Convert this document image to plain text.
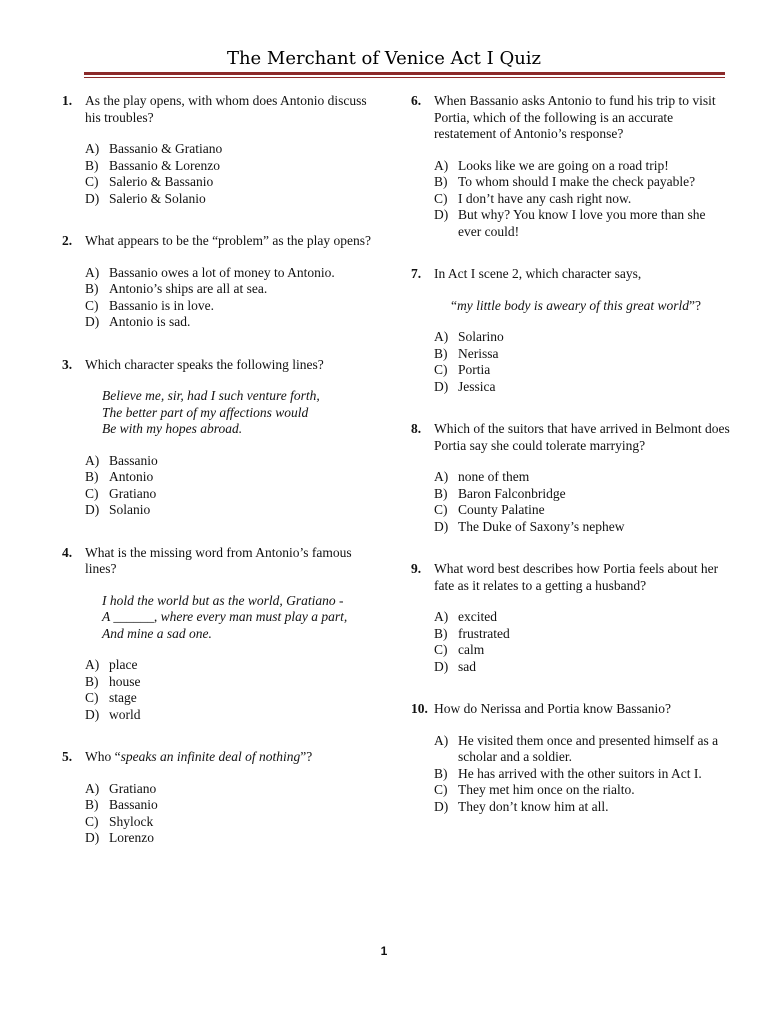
The Merchant of Venice Act I Quiz
1. As the play opens, with whom does Antonio discuss his troubles?
A) Bassanio & Gratiano
B) Bassanio & Lorenzo
C) Salerio & Bassanio
D) Salerio & Solanio
2. What appears to be the “problem” as the play opens?
A) Bassanio owes a lot of money to Antonio.
B) Antonio’s ships are all at sea.
C) Bassanio is in love.
D) Antonio is sad.
3. Which character speaks the following lines?
Believe me, sir, had I such venture forth,
The better part of my affections would
Be with my hopes abroad.
A) Bassanio
B) Antonio
C) Gratiano
D) Solanio
4. What is the missing word from Antonio’s famous lines?
I hold the world but as the world, Gratiano -
A ______, where every man must play a part,
And mine a sad one.
A) place
B) house
C) stage
D) world
5. Who “speaks an infinite deal of nothing”?
A) Gratiano
B) Bassanio
C) Shylock
D) Lorenzo
6. When Bassanio asks Antonio to fund his trip to visit Portia, which of the following is an accurate restatement of Antonio’s response?
A) Looks like we are going on a road trip!
B) To whom should I make the check payable?
C) I don’t have any cash right now.
D) But why? You know I love you more than she ever could!
7. In Act I scene 2, which character says,
“my little body is aweary of this great world”?
A) Solarino
B) Nerissa
C) Portia
D) Jessica
8. Which of the suitors that have arrived in Belmont does Portia say she could tolerate marrying?
A) none of them
B) Baron Falconbridge
C) County Palatine
D) The Duke of Saxony’s nephew
9. What word best describes how Portia feels about her fate as it relates to a getting a husband?
A) excited
B) frustrated
C) calm
D) sad
10. How do Nerissa and Portia know Bassanio?
A) He visited them once and presented himself as a scholar and a soldier.
B) He has arrived with the other suitors in Act I.
C) They met him once on the rialto.
D) They don’t know him at all.
1
